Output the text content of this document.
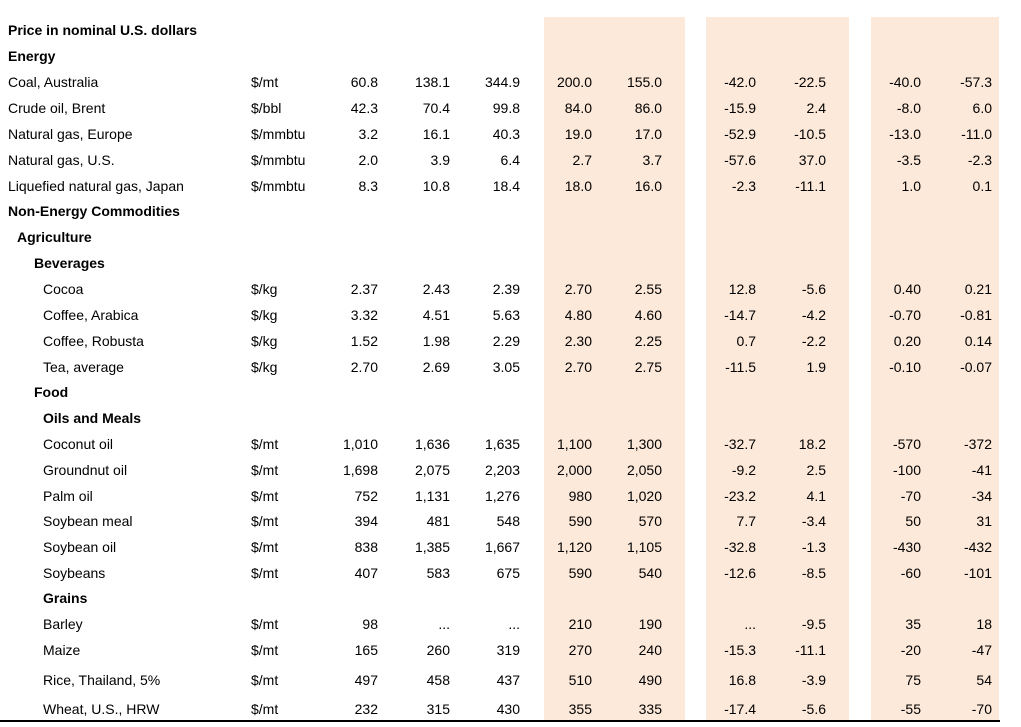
Price in nominal U.S. dollars
Energy
Coal, Australia	$/mt	60.8	138.1	344.9	200.0	155.0	-42.0	-22.5	-40.0	-57.3
Crude oil, Brent	$/bbl	42.3	70.4	99.8	84.0	86.0	-15.9	2.4	-8.0	6.0
Natural gas, Europe	$/mmbtu	3.2	16.1	40.3	19.0	17.0	-52.9	-10.5	-13.0	-11.0
Natural gas, U.S.	$/mmbtu	2.0	3.9	6.4	2.7	3.7	-57.6	37.0	-3.5	-2.3
Liquefied natural gas, Japan	$/mmbtu	8.3	10.8	18.4	18.0	16.0	-2.3	-11.1	1.0	0.1
Non-Energy Commodities
Agriculture
Beverages
Cocoa	$/kg	2.37	2.43	2.39	2.70	2.55	12.8	-5.6	0.40	0.21
Coffee, Arabica	$/kg	3.32	4.51	5.63	4.80	4.60	-14.7	-4.2	-0.70	-0.81
Coffee, Robusta	$/kg	1.52	1.98	2.29	2.30	2.25	0.7	-2.2	0.20	0.14
Tea, average	$/kg	2.70	2.69	3.05	2.70	2.75	-11.5	1.9	-0.10	-0.07
Food
Oils and Meals
Coconut oil	$/mt	1,010	1,636	1,635	1,100	1,300	-32.7	18.2	-570	-372
Groundnut oil	$/mt	1,698	2,075	2,203	2,000	2,050	-9.2	2.5	-100	-41
Palm oil	$/mt	752	1,131	1,276	980	1,020	-23.2	4.1	-70	-34
Soybean meal	$/mt	394	481	548	590	570	7.7	-3.4	50	31
Soybean oil	$/mt	838	1,385	1,667	1,120	1,105	-32.8	-1.3	-430	-432
Soybeans	$/mt	407	583	675	590	540	-12.6	-8.5	-60	-101
Grains
Barley	$/mt	98	...	...	210	190	...	-9.5	35	18
Maize	$/mt	165	260	319	270	240	-15.3	-11.1	-20	-47
Rice, Thailand, 5%	$/mt	497	458	437	510	490	16.8	-3.9	75	54
Wheat, U.S., HRW	$/mt	232	315	430	355	335	-17.4	-5.6	-55	-70
